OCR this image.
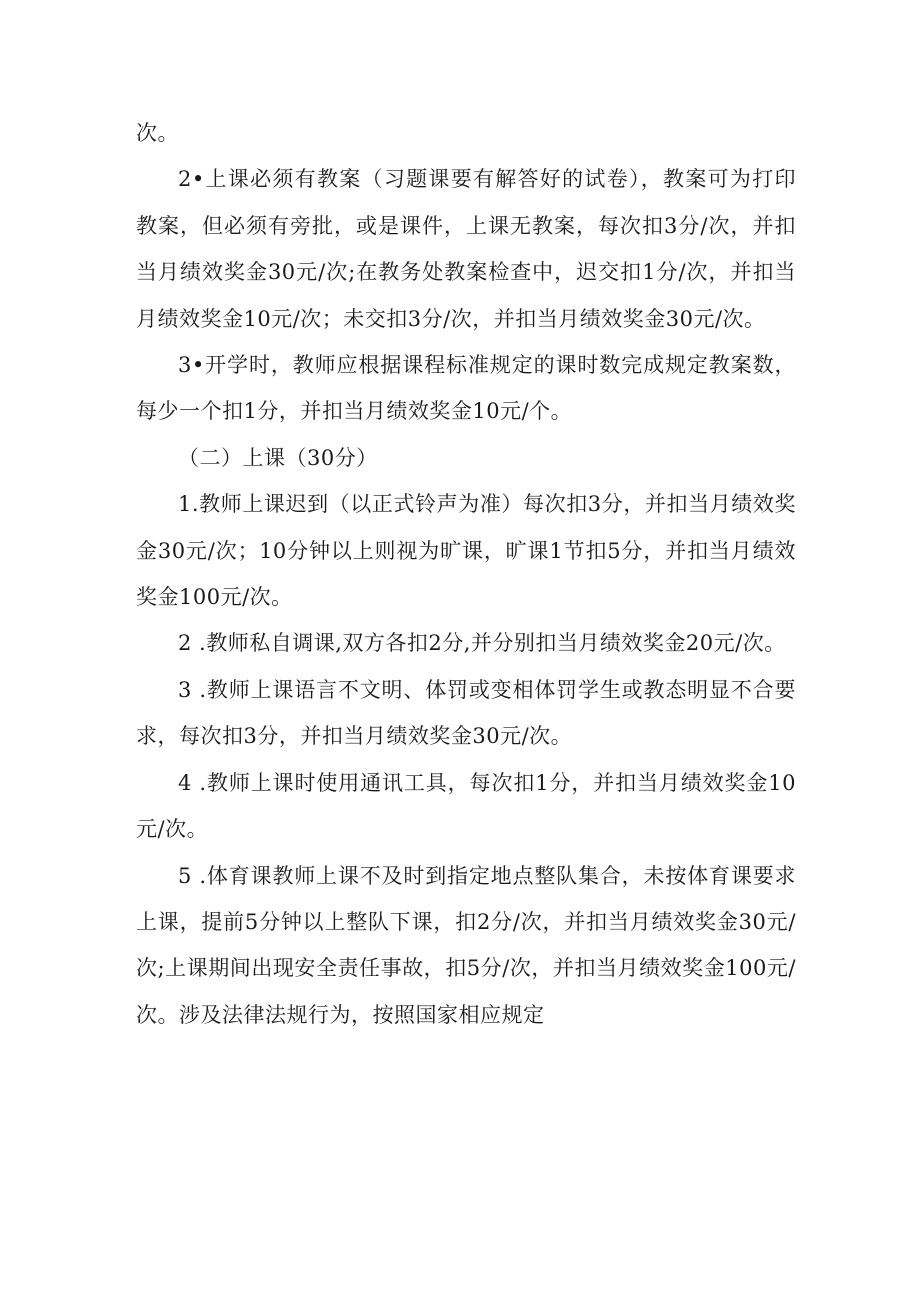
次。

2•上课必须有教案（习题课要有解答好的试卷），教案可为打印教案，但必须有旁批，或是课件，上课无教案，每次扣3分/次，并扣当月绩效奖金30元/次;在教务处教案检查中，迟交扣1分/次，并扣当月绩效奖金10元/次；未交扣3分/次，并扣当月绩效奖金30元/次。

3•开学时，教师应根据课程标准规定的课时数完成规定教案数，每少一个扣1分，并扣当月绩效奖金10元/个。

（二）上课（30分）

1.教师上课迟到（以正式铃声为准）每次扣3分，并扣当月绩效奖金30元/次；10分钟以上则视为旷课，旷课1节扣5分，并扣当月绩效奖金100元/次。

2 .教师私自调课,双方各扣2分,并分别扣当月绩效奖金20元/次。

3 .教师上课语言不文明、体罚或变相体罚学生或教态明显不合要求，每次扣3分，并扣当月绩效奖金30元/次。

4 .教师上课时使用通讯工具，每次扣1分，并扣当月绩效奖金10元/次。

5 .体育课教师上课不及时到指定地点整队集合，未按体育课要求上课，提前5分钟以上整队下课，扣2分/次，并扣当月绩效奖金30元/次;上课期间出现安全责任事故，扣5分/次，并扣当月绩效奖金100元/次。涉及法律法规行为，按照国家相应规定
